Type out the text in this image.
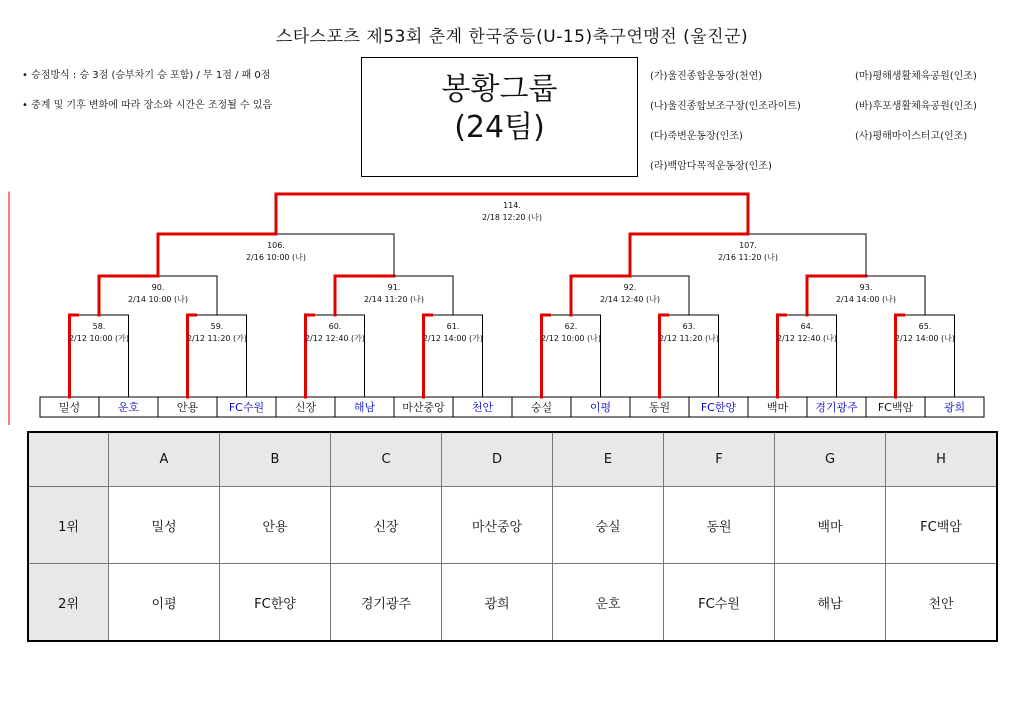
스타스포츠 제53회 춘계 한국중등(U-15)축구연맹전 (울진군)
• 승점방식 : 승 3점 (승부차기 승 포함) / 무 1점 / 패 0점
• 중계 및 기후 변화에 따라 장소와 시간은 조정될 수 있음	봉황그룹
(24팀)
(가)울진종합운동장(천연)
(나)울진종합보조구장(인조라이트)
(다)죽변운동장(인조)
(라)백암다목적운동장(인조)
(마)평해생활체육공원(인조)
(바)후포생활체육공원(인조)
(사)평해마이스터고(인조)
밀성	운호	안용	FC수원	신장	해남 마산중앙 천안	숭실	이평	동원	FC한양	백마 경기광주 FC백암	광희
58.
2/12 10:00 (가)
59.
2/12 11:20 (가)
60.
2/12 12:40 (가)
61.
2/12 14:00 (가)
62.
2/12 10:00 (나)
63.
2/12 11:20 (나)
64.
2/12 12:40 (나)
65.
2/12 14:00 (나)
90.
2/14 10:00 (나)
91.
2/14 11:20 (나)
92.
2/14 12:40 (나)
93.
2/14 14:00 (나)
106.
2/16 10:00 (나)
107.
2/16 11:20 (나)
114.
2/18 12:20 (나)
	A	B	C	D	E	F	G	H
1위	밀성	안용	신장	마산중앙	숭실	동원	백마	FC백암
2위	이평	FC한양	경기광주	광희	운호	FC수원	해남	천안
